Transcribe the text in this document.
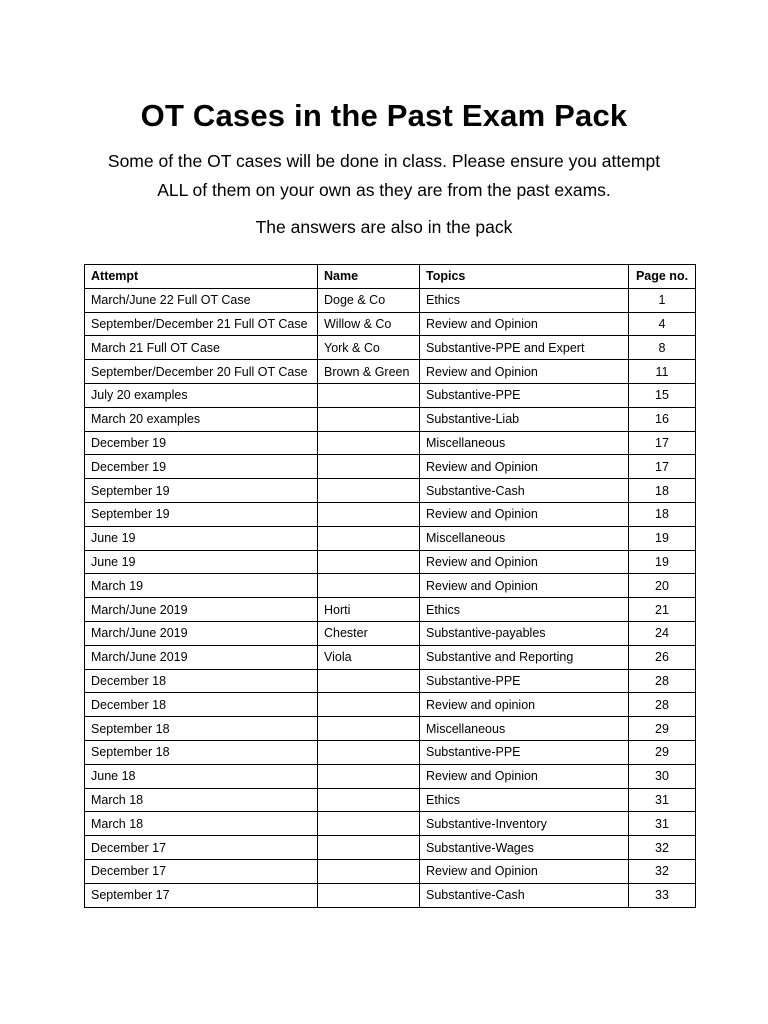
OT Cases in the Past Exam Pack
Some of the OT cases will be done in class. Please ensure you attempt
ALL of them on your own as they are from the past exams.
The answers are also in the pack
Attempt	Name	Topics	Page no.
March/June 22 Full OT Case	Doge & Co	Ethics	1
September/December 21 Full OT Case	Willow & Co	Review and Opinion	4
March 21 Full OT Case	York & Co	Substantive-PPE and Expert	8
September/December 20 Full OT Case	Brown & Green	Review and Opinion	11
July 20 examples		Substantive-PPE	15
March 20 examples		Substantive-Liab	16
December 19		Miscellaneous	17
December 19		Review and Opinion	17
September 19		Substantive-Cash	18
September 19		Review and Opinion	18
June 19		Miscellaneous	19
June 19		Review and Opinion	19
March 19		Review and Opinion	20
March/June 2019	Horti	Ethics	21
March/June 2019	Chester	Substantive-payables	24
March/June 2019	Viola	Substantive and Reporting	26
December 18		Substantive-PPE	28
December 18		Review and opinion	28
September 18		Miscellaneous	29
September 18		Substantive-PPE	29
June 18		Review and Opinion	30
March 18		Ethics	31
March 18		Substantive-Inventory	31
December 17		Substantive-Wages	32
December 17		Review and Opinion	32
September 17		Substantive-Cash	33
